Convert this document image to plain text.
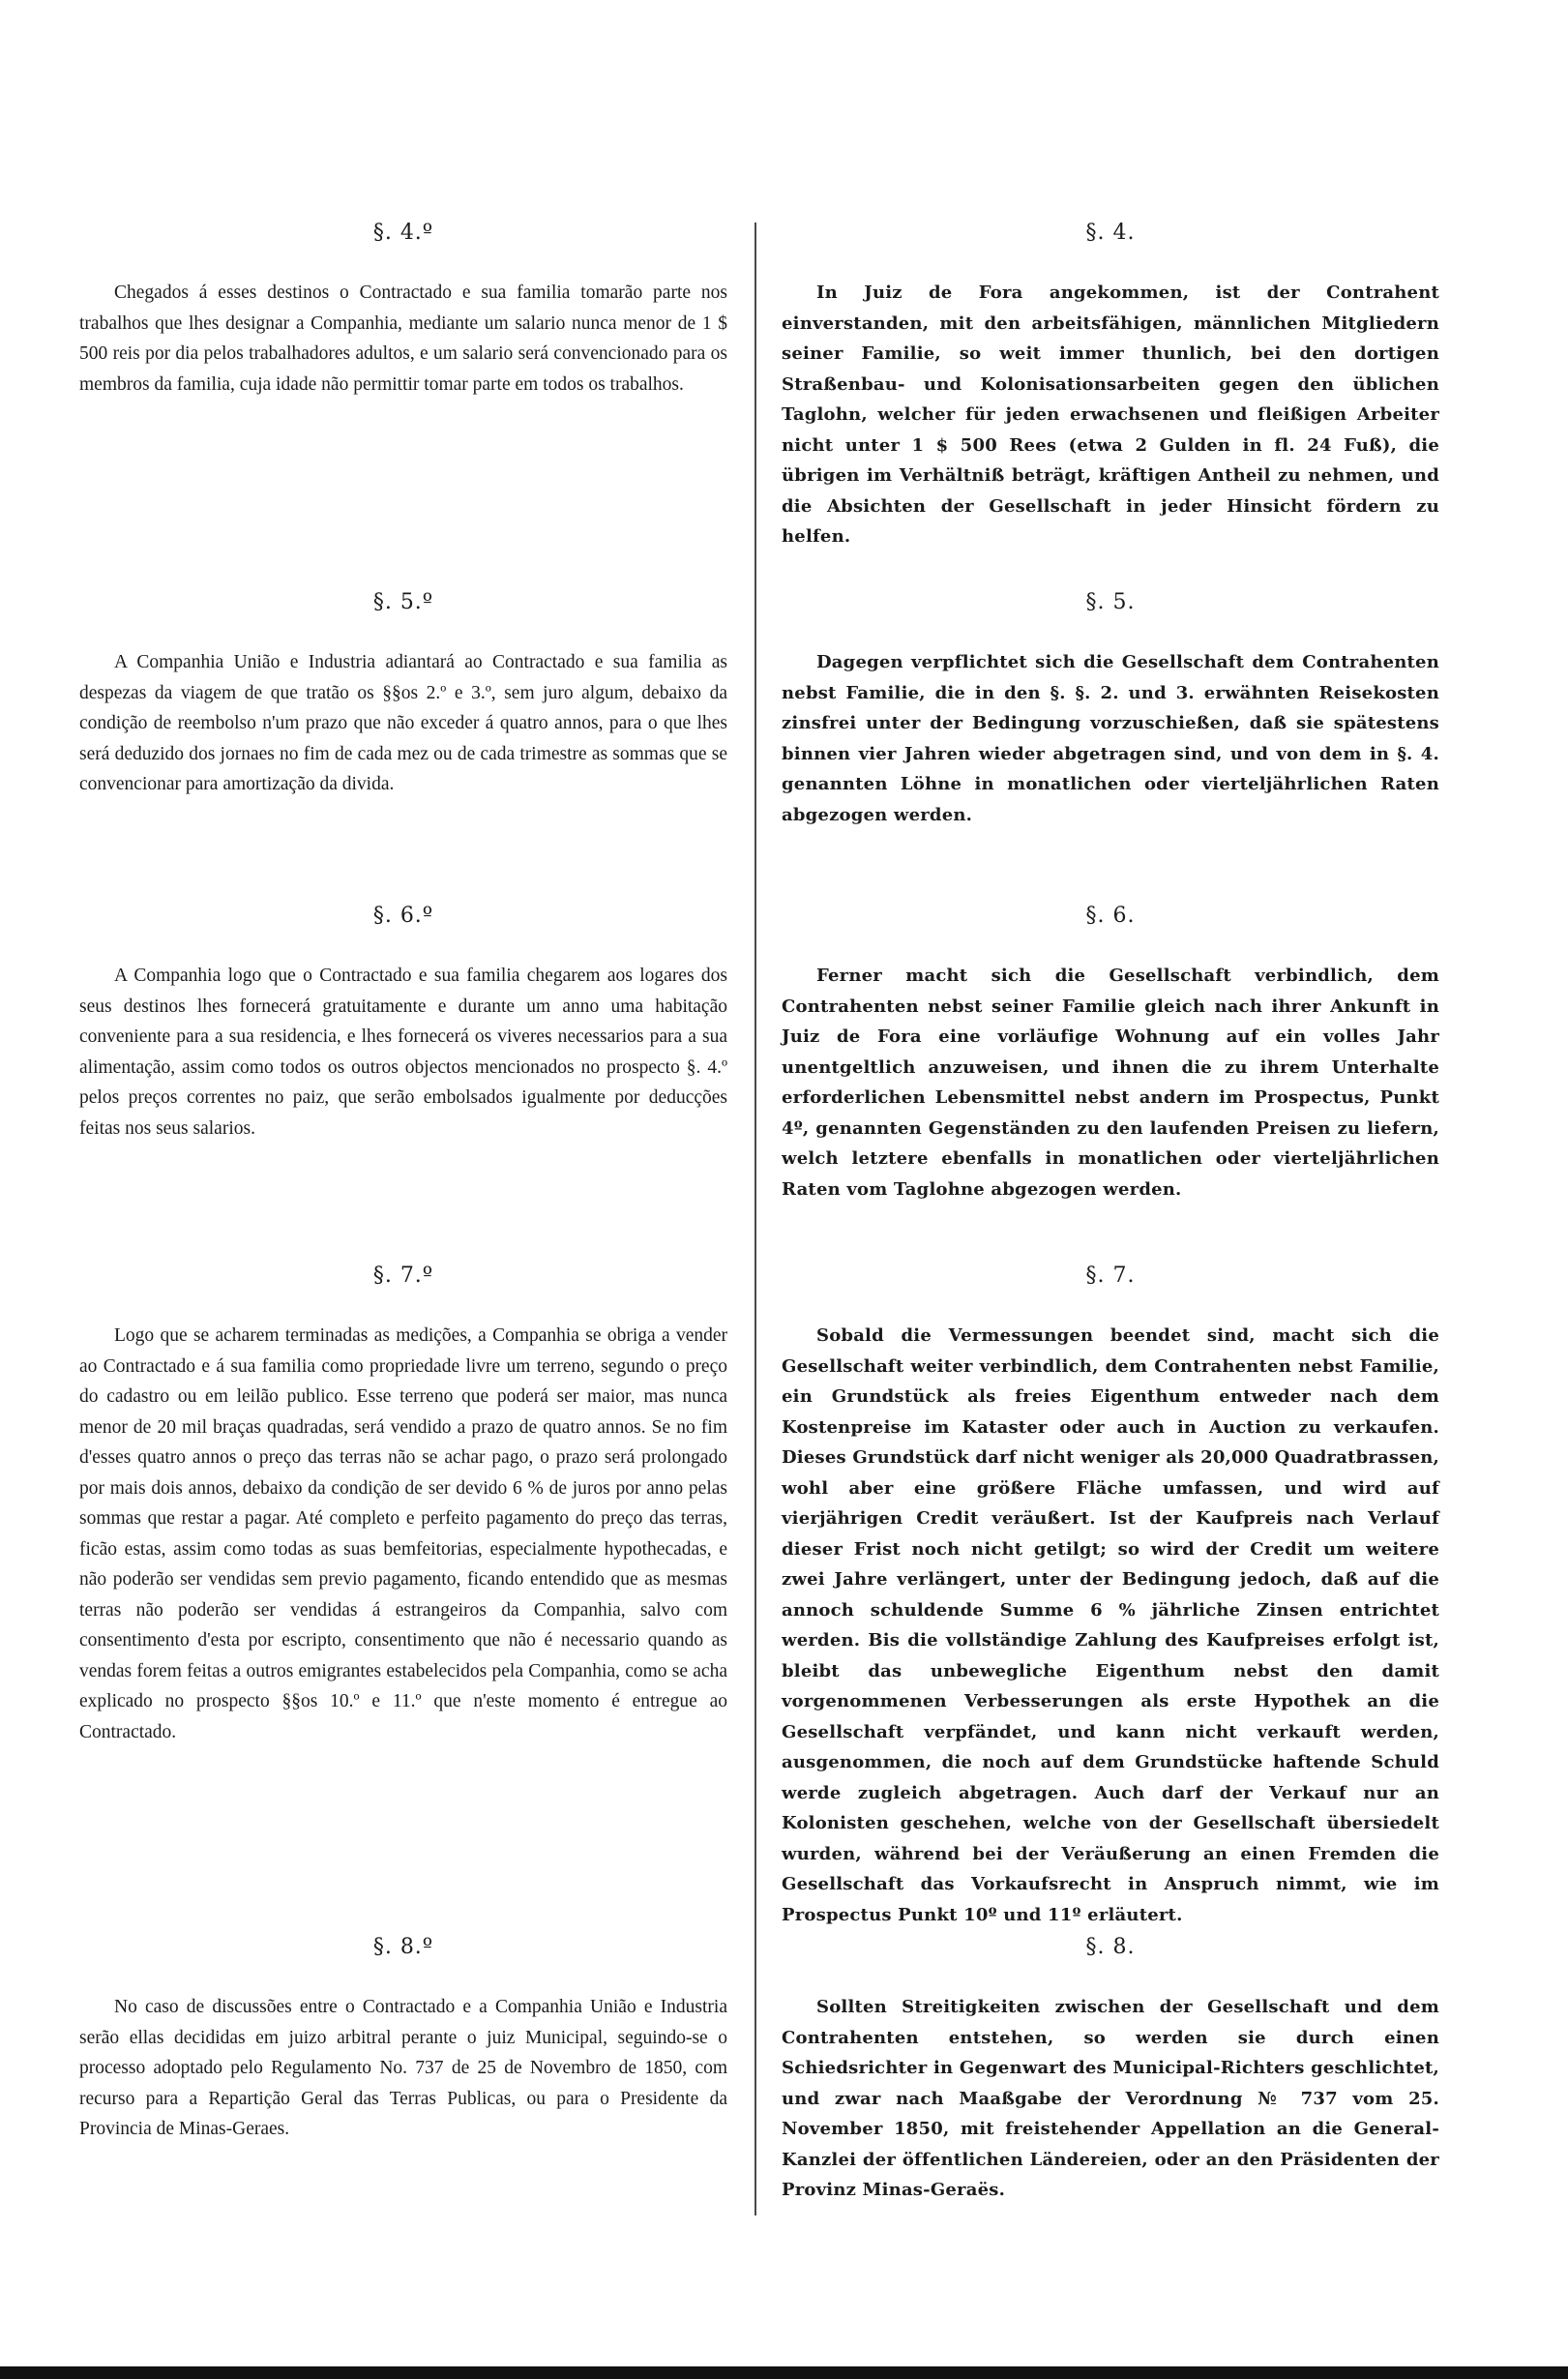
§. 4.º

Chegados á esses destinos o Contractado e sua familia tomarão parte nos trabalhos que lhes designar a Companhia, mediante um salario nunca menor de 1 $ 500 reis por dia pelos trabalhadores adultos, e um salario será convencionado para os membros da familia, cuja idade não permittir tomar parte em todos os trabalhos.

§. 5.º

A Companhia União e Industria adiantará ao Contractado e sua familia as despezas da viagem de que tratão os §§os 2.º e 3.º, sem juro algum, debaixo da condição de reembolso n'um prazo que não exceder á quatro annos, para o que lhes será deduzido dos jornaes no fim de cada mez ou de cada trimestre as sommas que se convencionar para amortização da divida.

§. 6.º

A Companhia logo que o Contractado e sua familia chegarem aos logares dos seus destinos lhes fornecerá gratuitamente e durante um anno uma habitação conveniente para a sua residencia, e lhes fornecerá os viveres necessarios para a sua alimentação, assim como todos os outros objectos mencionados no prospecto §. 4.º pelos preços correntes no paiz, que serão embolsados igualmente por deducções feitas nos seus salarios.

§. 7.º

Logo que se acharem terminadas as medições, a Companhia se obriga a vender ao Contractado e á sua familia como propriedade livre um terreno, segundo o preço do cadastro ou em leilão publico. Esse terreno que poderá ser maior, mas nunca menor de 20 mil braças quadradas, será vendido a prazo de quatro annos. Se no fim d'esses quatro annos o preço das terras não se achar pago, o prazo será prolongado por mais dois annos, debaixo da condição de ser devido 6 % de juros por anno pelas sommas que restar a pagar. Até completo e perfeito pagamento do preço das terras, ficão estas, assim como todas as suas bemfeitorias, especialmente hypothecadas, e não poderão ser vendidas sem previo pagamento, ficando entendido que as mesmas terras não poderão ser vendidas á estrangeiros da Companhia, salvo com consentimento d'esta por escripto, consentimento que não é necessario quando as vendas forem feitas a outros emigrantes estabelecidos pela Companhia, como se acha explicado no prospecto §§os 10.º e 11.º que n'este momento é entregue ao Contractado.

§. 8.º

No caso de discussões entre o Contractado e a Companhia União e Industria serão ellas decididas em juizo arbitral perante o juiz Municipal, seguindo-se o processo adoptado pelo Regulamento No. 737 de 25 de Novembro de 1850, com recurso para a Repartição Geral das Terras Publicas, ou para o Presidente da Provincia de Minas-Geraes.

§. 4.

In Juiz de Fora angekommen, ist der Contrahent einverstanden, mit den arbeitsfähigen, männlichen Mitgliedern seiner Familie, so weit immer thunlich, bei den dortigen Straßenbau- und Kolonisationsarbeiten gegen den üblichen Taglohn, welcher für jeden erwachsenen und fleißigen Arbeiter nicht unter 1 $ 500 Rees (etwa 2 Gulden in fl. 24 Fuß), die übrigen im Verhältniß beträgt, kräftigen Antheil zu nehmen, und die Absichten der Gesellschaft in jeder Hinsicht fördern zu helfen.

§. 5.

Dagegen verpflichtet sich die Gesellschaft dem Contrahenten nebst Familie, die in den §. §. 2. und 3. erwähnten Reisekosten zinsfrei unter der Bedingung vorzuschießen, daß sie spätestens binnen vier Jahren wieder abgetragen sind, und von dem in §. 4. genannten Löhne in monatlichen oder vierteljährlichen Raten abgezogen werden.

§. 6.

Ferner macht sich die Gesellschaft verbindlich, dem Contrahenten nebst seiner Familie gleich nach ihrer Ankunft in Juiz de Fora eine vorläufige Wohnung auf ein volles Jahr unentgeltlich anzuweisen, und ihnen die zu ihrem Unterhalte erforderlichen Lebensmittel nebst andern im Prospectus, Punkt 4º, genannten Gegenständen zu den laufenden Preisen zu liefern, welch letztere ebenfalls in monatlichen oder vierteljährlichen Raten vom Taglohne abgezogen werden.

§. 7.

Sobald die Vermessungen beendet sind, macht sich die Gesellschaft weiter verbindlich, dem Contrahenten nebst Familie, ein Grundstück als freies Eigenthum entweder nach dem Kostenpreise im Kataster oder auch in Auction zu verkaufen. Dieses Grundstück darf nicht weniger als 20,000 Quadratbrassen, wohl aber eine größere Fläche umfassen, und wird auf vierjährigen Credit veräußert. Ist der Kaufpreis nach Verlauf dieser Frist noch nicht getilgt; so wird der Credit um weitere zwei Jahre verlängert, unter der Bedingung jedoch, daß auf die annoch schuldende Summe 6 % jährliche Zinsen entrichtet werden. Bis die vollständige Zahlung des Kaufpreises erfolgt ist, bleibt das unbewegliche Eigenthum nebst den damit vorgenommenen Verbesserungen als erste Hypothek an die Gesellschaft verpfändet, und kann nicht verkauft werden, ausgenommen, die noch auf dem Grundstücke haftende Schuld werde zugleich abgetragen. Auch darf der Verkauf nur an Kolonisten geschehen, welche von der Gesellschaft übersiedelt wurden, während bei der Veräußerung an einen Fremden die Gesellschaft das Vorkaufsrecht in Anspruch nimmt, wie im Prospectus Punkt 10º und 11º erläutert.

§. 8.

Sollten Streitigkeiten zwischen der Gesellschaft und dem Contrahenten entstehen, so werden sie durch einen Schiedsrichter in Gegenwart des Municipal-Richters geschlichtet, und zwar nach Maaßgabe der Verordnung № 737 vom 25. November 1850, mit freistehender Appellation an die General-Kanzlei der öffentlichen Ländereien, oder an den Präsidenten der Provinz Minas-Geraës.
